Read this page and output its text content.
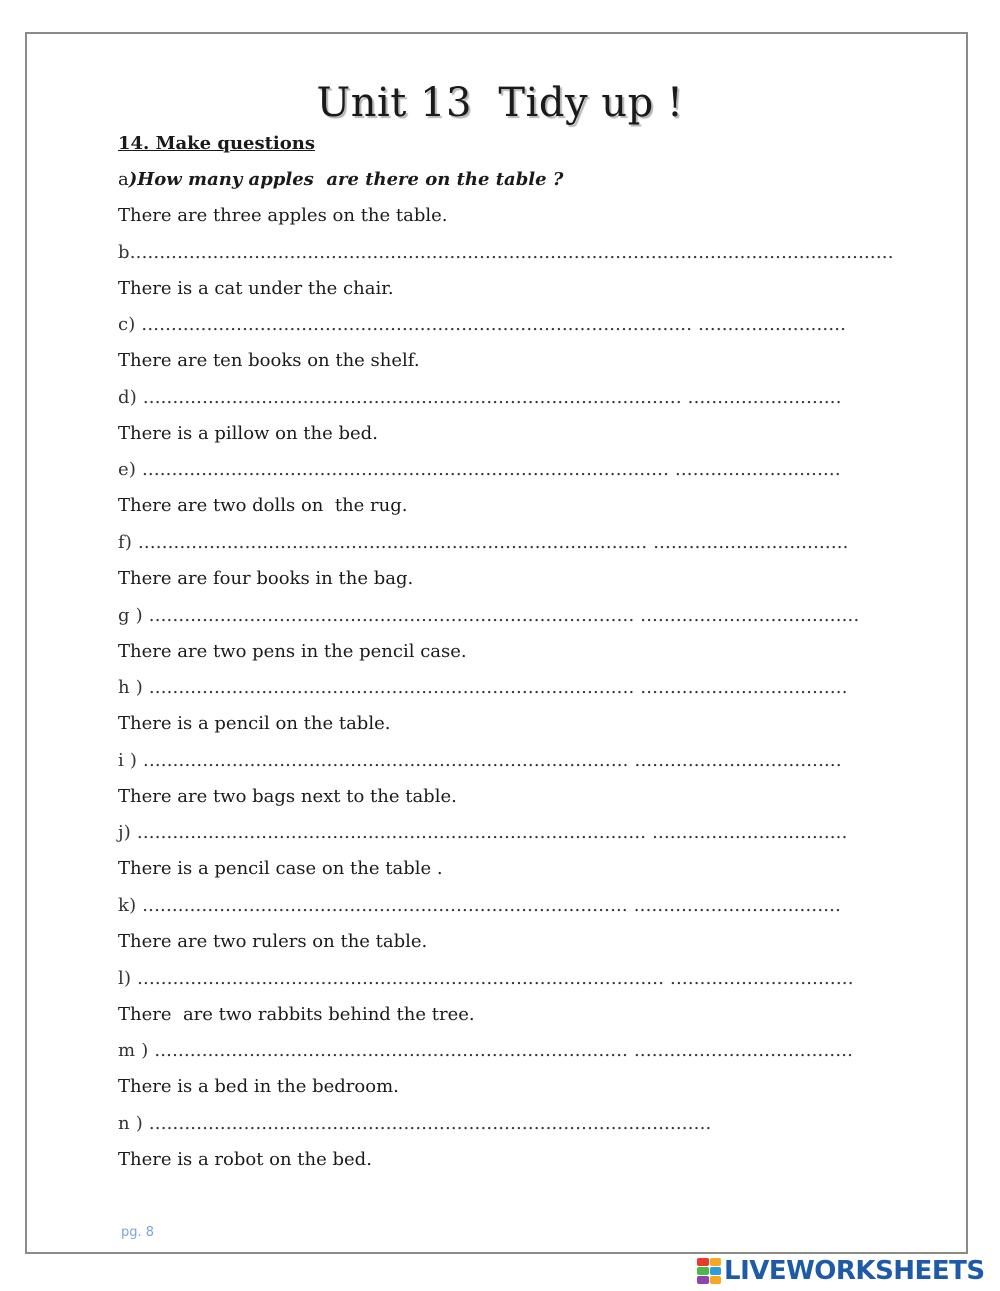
Unit 13  Tidy up !
14. Make questions
a)How many apples  are there on the table ?
There are three apples on the table.
b.................................................................................................................................
There is a cat under the chair.
c) ............................................................................................. .........................
There are ten books on the shelf.
d) ........................................................................................... ..........................
There is a pillow on the bed.
e) ......................................................................................... ............................
There are two dolls on  the rug.
f) ...................................................................................... .................................
There are four books in the bag.
g ) .................................................................................. .....................................
There are two pens in the pencil case.
h ) .................................................................................. ...................................
There is a pencil on the table.
i ) .................................................................................. ...................................
There are two bags next to the table.
j) ...................................................................................... .................................
There is a pencil case on the table .
k) .................................................................................. ...................................
There are two rulers on the table.
l) ......................................................................................... ...............................
There  are two rabbits behind the tree.
m ) ................................................................................ .....................................
There is a bed in the bedroom.
n ) ...............................................................................................
There is a robot on the bed.
pg. 8
LIVEWORKSHEETS
